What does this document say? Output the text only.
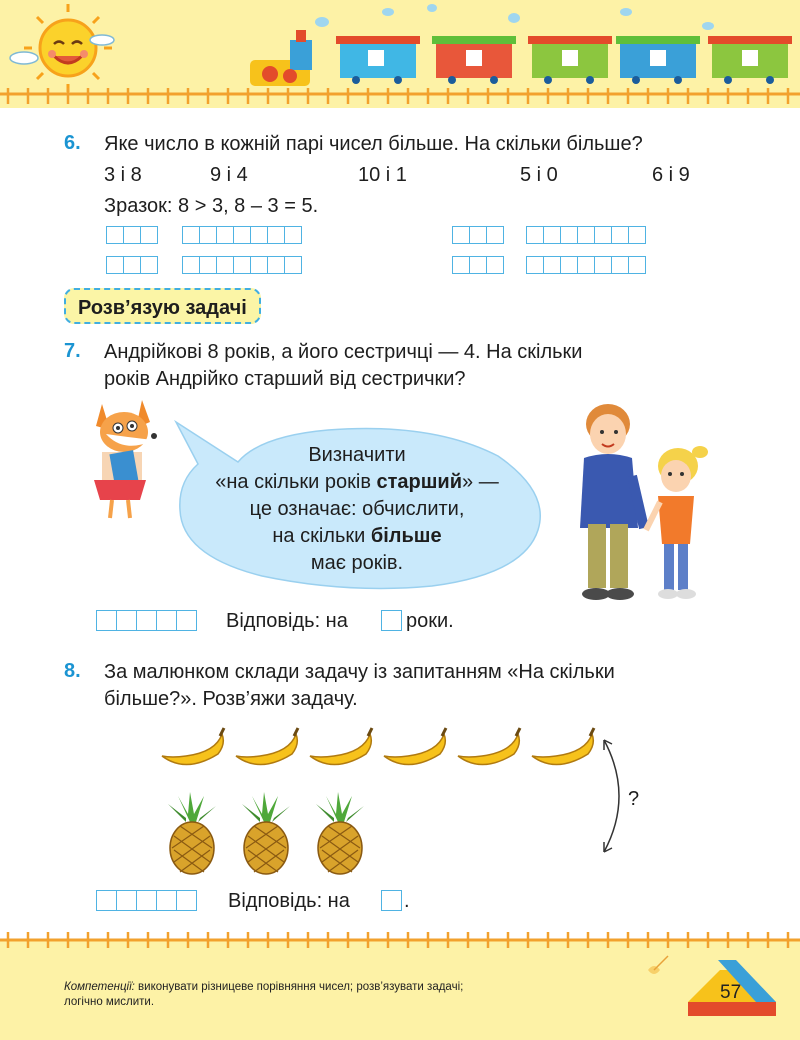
6. Яке число в кожній парі чисел більше. На скільки більше?
3 і 8	9 і 4	10 і 1	5 і 0	6 і 9
Зразок: 8 > 3, 8 – 3 = 5.
Розв’язую задачі
7. Андрійкові 8 років, а його сестричці — 4. На скільки
років Андрійко старший від сестрички?
Визначити
«на скільки років старший» —
це означає: обчислити,
на скільки більше
має років.
Відповідь: на	роки.
8. За малюнком склади задачу із запитанням «На скільки
більше?». Розв’яжи задачу.
?
Відповідь: на	.
Компетенції: виконувати різницеве порівняння чисел; розв’язувати задачі;
логічно мислити.	57
